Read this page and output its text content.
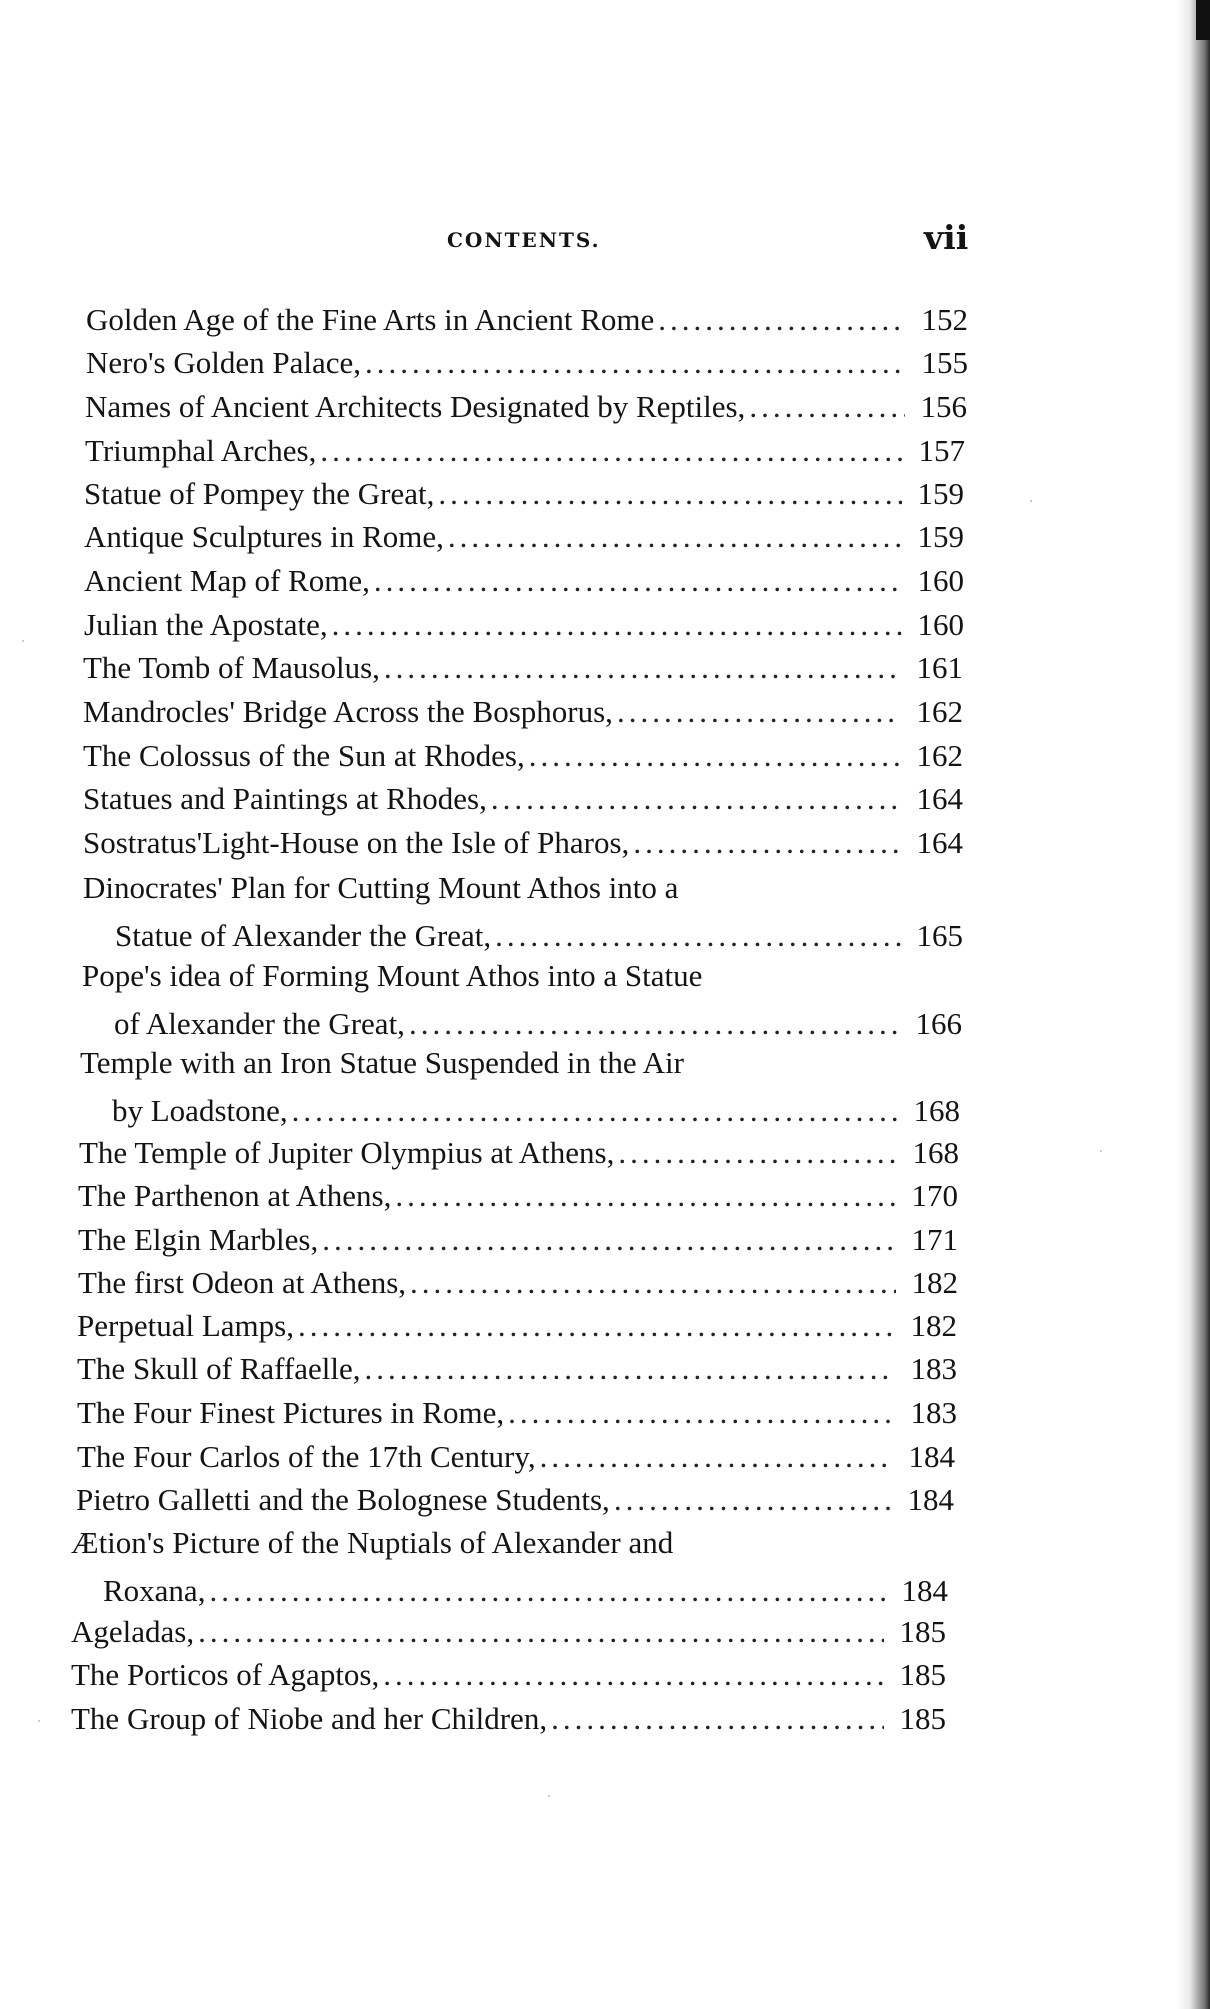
CONTENTS.	vii
Golden Age of the Fine Arts in Ancient Rome .....	152
Nero's Golden Palace, .....	155
Names of Ancient Architects Designated by Reptiles, .....	156
Triumphal Arches, .....	157
Statue of Pompey the Great, .....	159
Antique Sculptures in Rome, .....	159
Ancient Map of Rome, .....	160
Julian the Apostate, .....	160
The Tomb of Mausolus, .....	161
Mandrocles' Bridge Across the Bosphorus, .....	162
The Colossus of the Sun at Rhodes, .....	162
Statues and Paintings at Rhodes, .....	164
Sostratus'Light-House on the Isle of Pharos, .....	164
Dinocrates' Plan for Cutting Mount Athos into a
Statue of Alexander the Great, .....	165
Pope's idea of Forming Mount Athos into a Statue
of Alexander the Great, .....	166
Temple with an Iron Statue Suspended in the Air
by Loadstone, .....	168
The Temple of Jupiter Olympius at Athens, .....	168
The Parthenon at Athens, .....	170
The Elgin Marbles, .....	171
The first Odeon at Athens, .....	182
Perpetual Lamps, .....	182
The Skull of Raffaelle, .....	183
The Four Finest Pictures in Rome, .....	183
The Four Carlos of the 17th Century, .....	184
Pietro Galletti and the Bolognese Students, .....	184
Ætion's Picture of the Nuptials of Alexander and
Roxana, .....	184
Ageladas, .....	185
The Porticos of Agaptos, .....	185
The Group of Niobe and her Children, .....	185
